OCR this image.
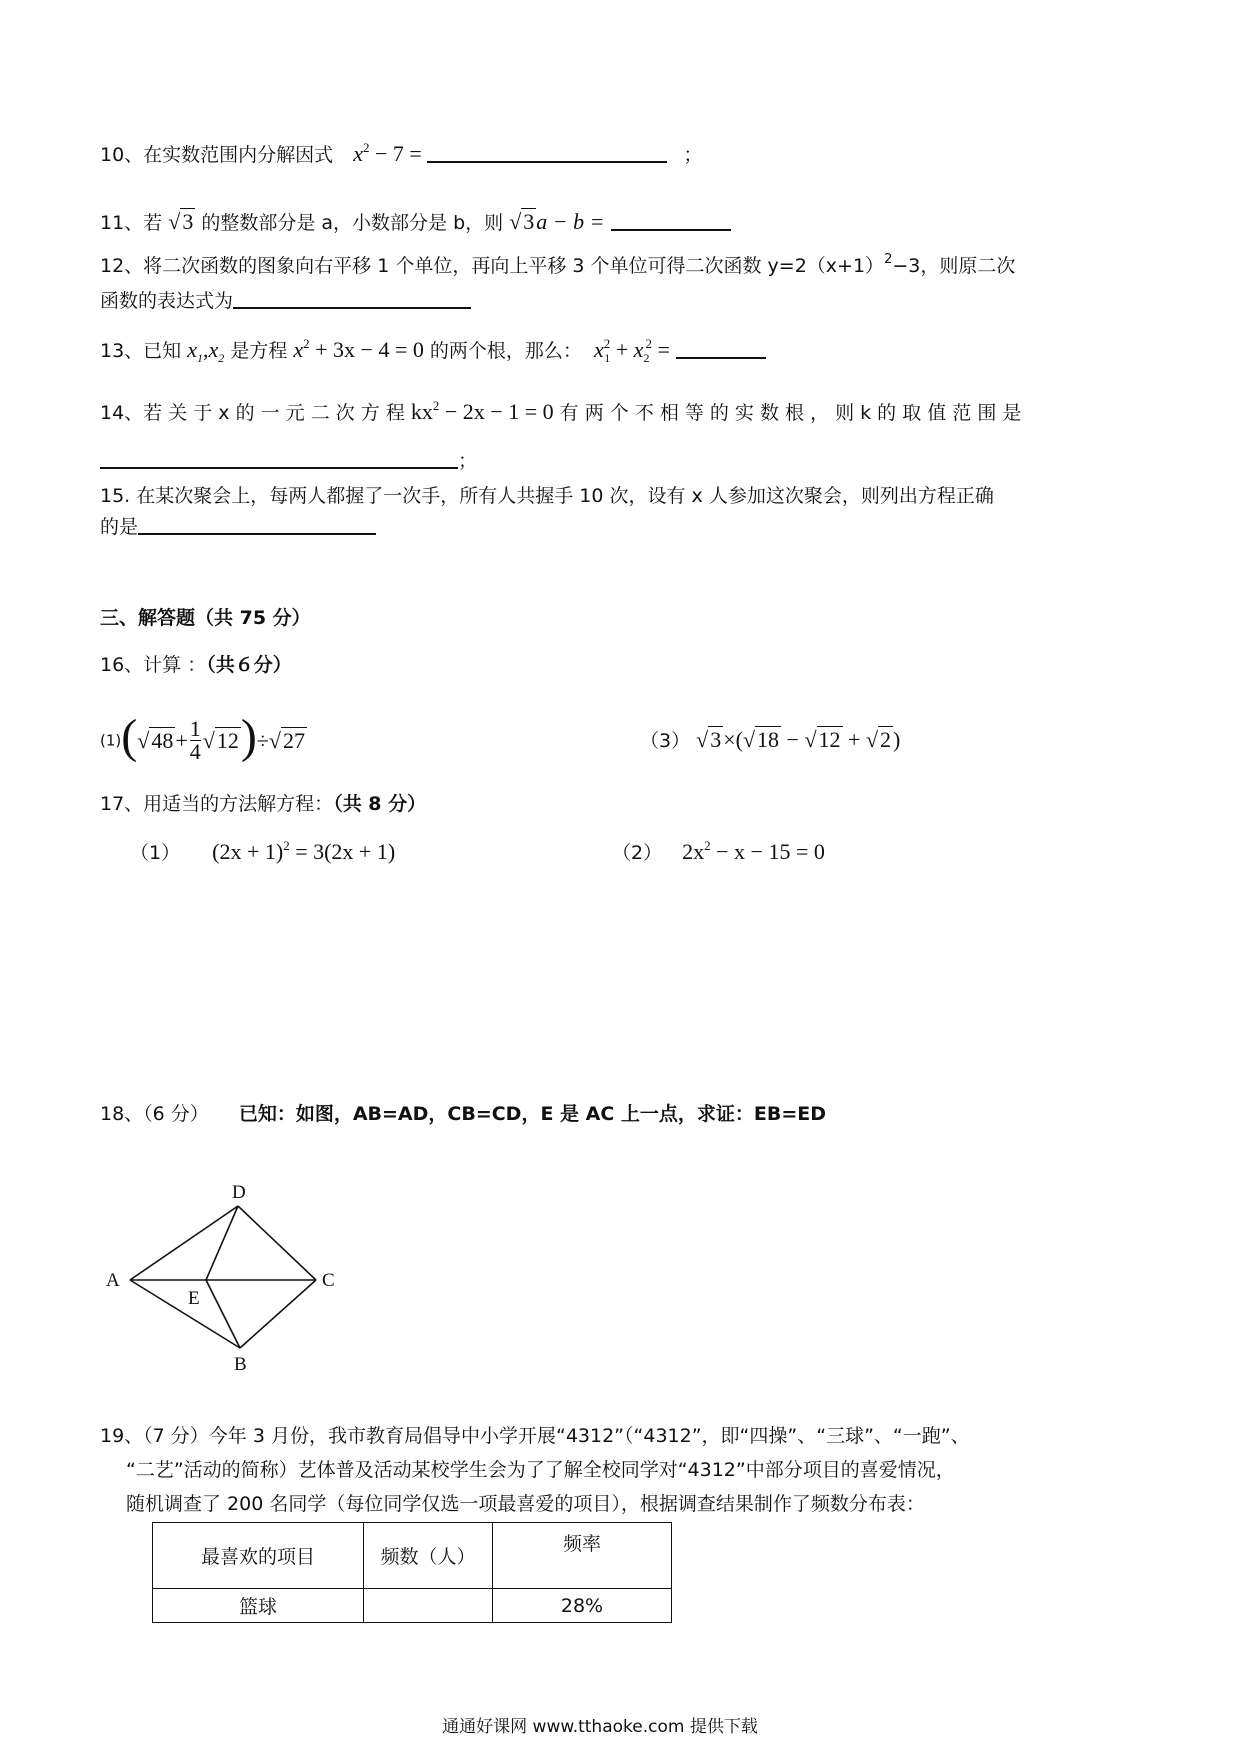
10、在实数范围内分解因式 $x^2 - 7$ =	；
11、若 √3 的整数部分是 a，小数部分是 b，则 √3a − b =
12、将二次函数的图象向右平移 1 个单位，再向上平移 3 个单位可得二次函数 $y=2(x+1)^2-3$，则原二次
函数的表达式为
13、已知 $x_1,x_2$ 是方程 $x^2 + 3x - 4 = 0$ 的两个根，那么： $x^2_1 + x_2^2$ =
14、若 关 于 x 的 一 元 二 次 方 程 $kx^2 - 2x - 1 = 0$ 有 两 个 不 相 等 的 实 数 根 ， 则 k 的 取 值 范 围 是
；
15. 在某次聚会上，每两人都握了一次手，所有人共握手 10 次，设有 x 人参加这次聚会，则列出方程正确
的是
三、解答题（共 75 分）
16、计算 ：（共６分）
$(1)(√48+ \frac{1}{4} √12)\div√27$	（3） √3×(√18 − √12 + √2)
17、用适当的方法解方程：（共 8 分）
（1） $(2x + 1)^2 = 3(2x + 1)$	（2） $2x^2 - x - 15 = 0$
18、（6 分） 已知：如图，AB=AD，CB=CD，E 是 AC 上一点，求证：EB=ED
A
D
C
E
B
19、（7 分）今年 3 月份，我市教育局倡导中小学开展“4312”（“4312”，即“四操”、“三球”、“一跑”、
“二艺”活动的简称）艺体普及活动某校学生会为了了解全校同学对“4312”中部分项目的喜爱情况，
随机调查了 200 名同学（每位同学仅选一项最喜爱的项目），根据调查结果制作了频数分布表：
最喜欢的项目	频数（人）	频率
篮球		28%
通通好课网 www.tthaoke.com 提供下载
